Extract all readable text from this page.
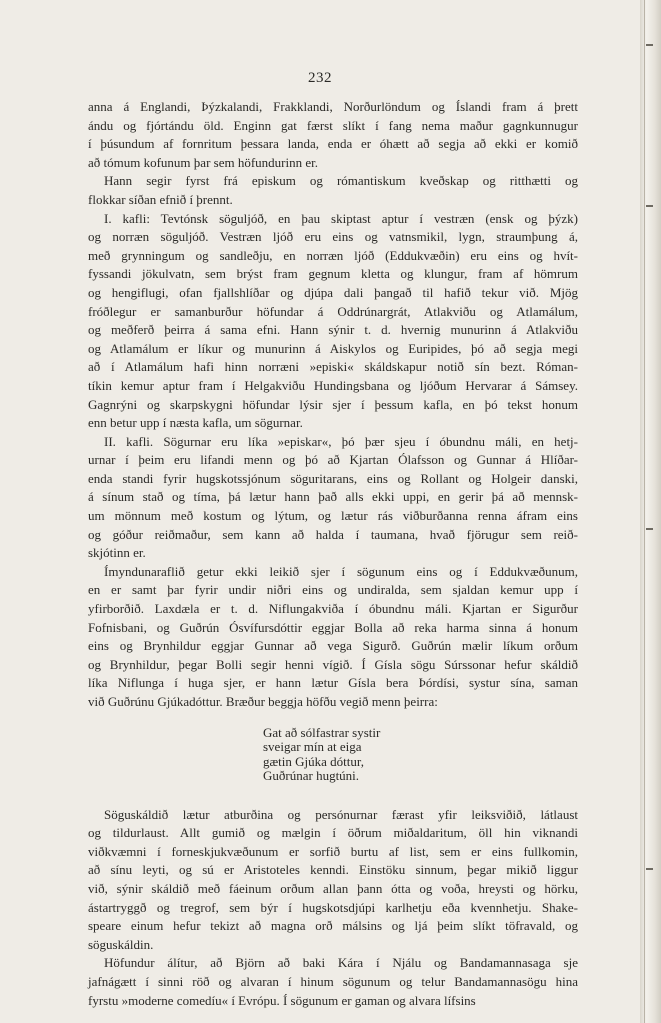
232
anna á Englandi, Þýzkalandi, Frakklandi, Norðurlöndum og Íslandi fram á þrett
ándu og fjórtándu öld. Enginn gat færst slíkt í fang nema maður gagnkunnugur
í þúsundum af fornritum þessara landa, enda er óhætt að segja að ekki er komið
að tómum kofunum þar sem höfundurinn er.
Hann segir fyrst frá episkum og rómantiskum kveðskap og ritthætti og
flokkar síðan efnið í þrennt.
I. kafli: Tevtónsk söguljóð, en þau skiptast aptur í vestræn (ensk og þýzk)
og norræn söguljóð. Vestræn ljóð eru eins og vatnsmikil, lygn, straumþung á,
með grynningum og sandleðju, en norræn ljóð (Eddukvæðin) eru eins og hvít-
fyssandi jökulvatn, sem brýst fram gegnum kletta og klungur, fram af hömrum
og hengiflugi, ofan fjallshlíðar og djúpa dali þangað til hafið tekur við. Mjög
fróðlegur er samanburður höfundar á Oddrúnargrát, Atlakviðu og Atlamálum,
og meðferð þeirra á sama efni. Hann sýnir t. d. hvernig munurinn á Atlakviðu
og Atlamálum er líkur og munurinn á Aiskylos og Euripides, þó að segja megi
að í Atlamálum hafi hinn norræni »episki« skáldskapur notið sín bezt. Róman-
tíkin kemur aptur fram í Helgakviðu Hundingsbana og ljóðum Hervarar á Sámsey.
Gagnrýni og skarpskygni höfundar lýsir sjer í þessum kafla, en þó tekst honum
enn betur upp í næsta kafla, um sögurnar.
II. kafli. Sögurnar eru líka »episkar«, þó þær sjeu í óbundnu máli, en hetj-
urnar í þeim eru lifandi menn og þó að Kjartan Ólafsson og Gunnar á Hlíðar-
enda standi fyrir hugskotssjónum söguritarans, eins og Rollant og Holgeir danski,
á sínum stað og tíma, þá lætur hann það alls ekki uppi, en gerir þá að mennsk-
um mönnum með kostum og lýtum, og lætur rás viðburðanna renna áfram eins
og góður reiðmaður, sem kann að halda í taumana, hvað fjörugur sem reið-
skjótinn er.
Ímyndunaraflið getur ekki leikið sjer í sögunum eins og í Eddukvæðunum,
en er samt þar fyrir undir niðri eins og undiralda, sem sjaldan kemur upp í
yfirborðið. Laxdæla er t. d. Niflungakviða í óbundnu máli. Kjartan er Sigurður
Fofnisbani, og Guðrún Ósvífursdóttir eggjar Bolla að reka harma sinna á honum
eins og Brynhildur eggjar Gunnar að vega Sigurð. Guðrún mælir líkum orðum
og Brynhildur, þegar Bolli segir henni vígið. Í Gísla sögu Súrssonar hefur skáldið
líka Niflunga í huga sjer, er hann lætur Gísla bera Þórdísi, systur sína, saman
við Guðrúnu Gjúkadóttur. Bræður beggja höfðu vegið menn þeirra:
Gat að sólfastrar systir
sveigar mín at eiga
gætin Gjúka dóttur,
Guðrúnar hugtúni.
Söguskáldið lætur atburðina og persónurnar færast yfir leiksviðið, látlaust
og tildurlaust. Allt gumið og mælgin í öðrum miðaldaritum, öll hin viknandi
viðkvæmni í forneskjukvæðunum er sorfið burtu af list, sem er eins fullkomin,
að sínu leyti, og sú er Aristoteles kenndi. Einstöku sinnum, þegar mikið liggur
við, sýnir skáldið með fáeinum orðum allan þann ótta og voða, hreysti og hörku,
ástartryggð og tregrof, sem býr í hugskotsdjúpi karlhetju eða kvennhetju. Shake-
speare einum hefur tekizt að magna orð málsins og ljá þeim slíkt töfravald, og
söguskáldin.
Höfundur álítur, að Björn að baki Kára í Njálu og Bandamannasaga sje
jafnágætt í sinni röð og alvaran í hinum sögunum og telur Bandamannasögu hina
fyrstu »moderne comedíu« í Evrópu. Í sögunum er gaman og alvara lífsins
